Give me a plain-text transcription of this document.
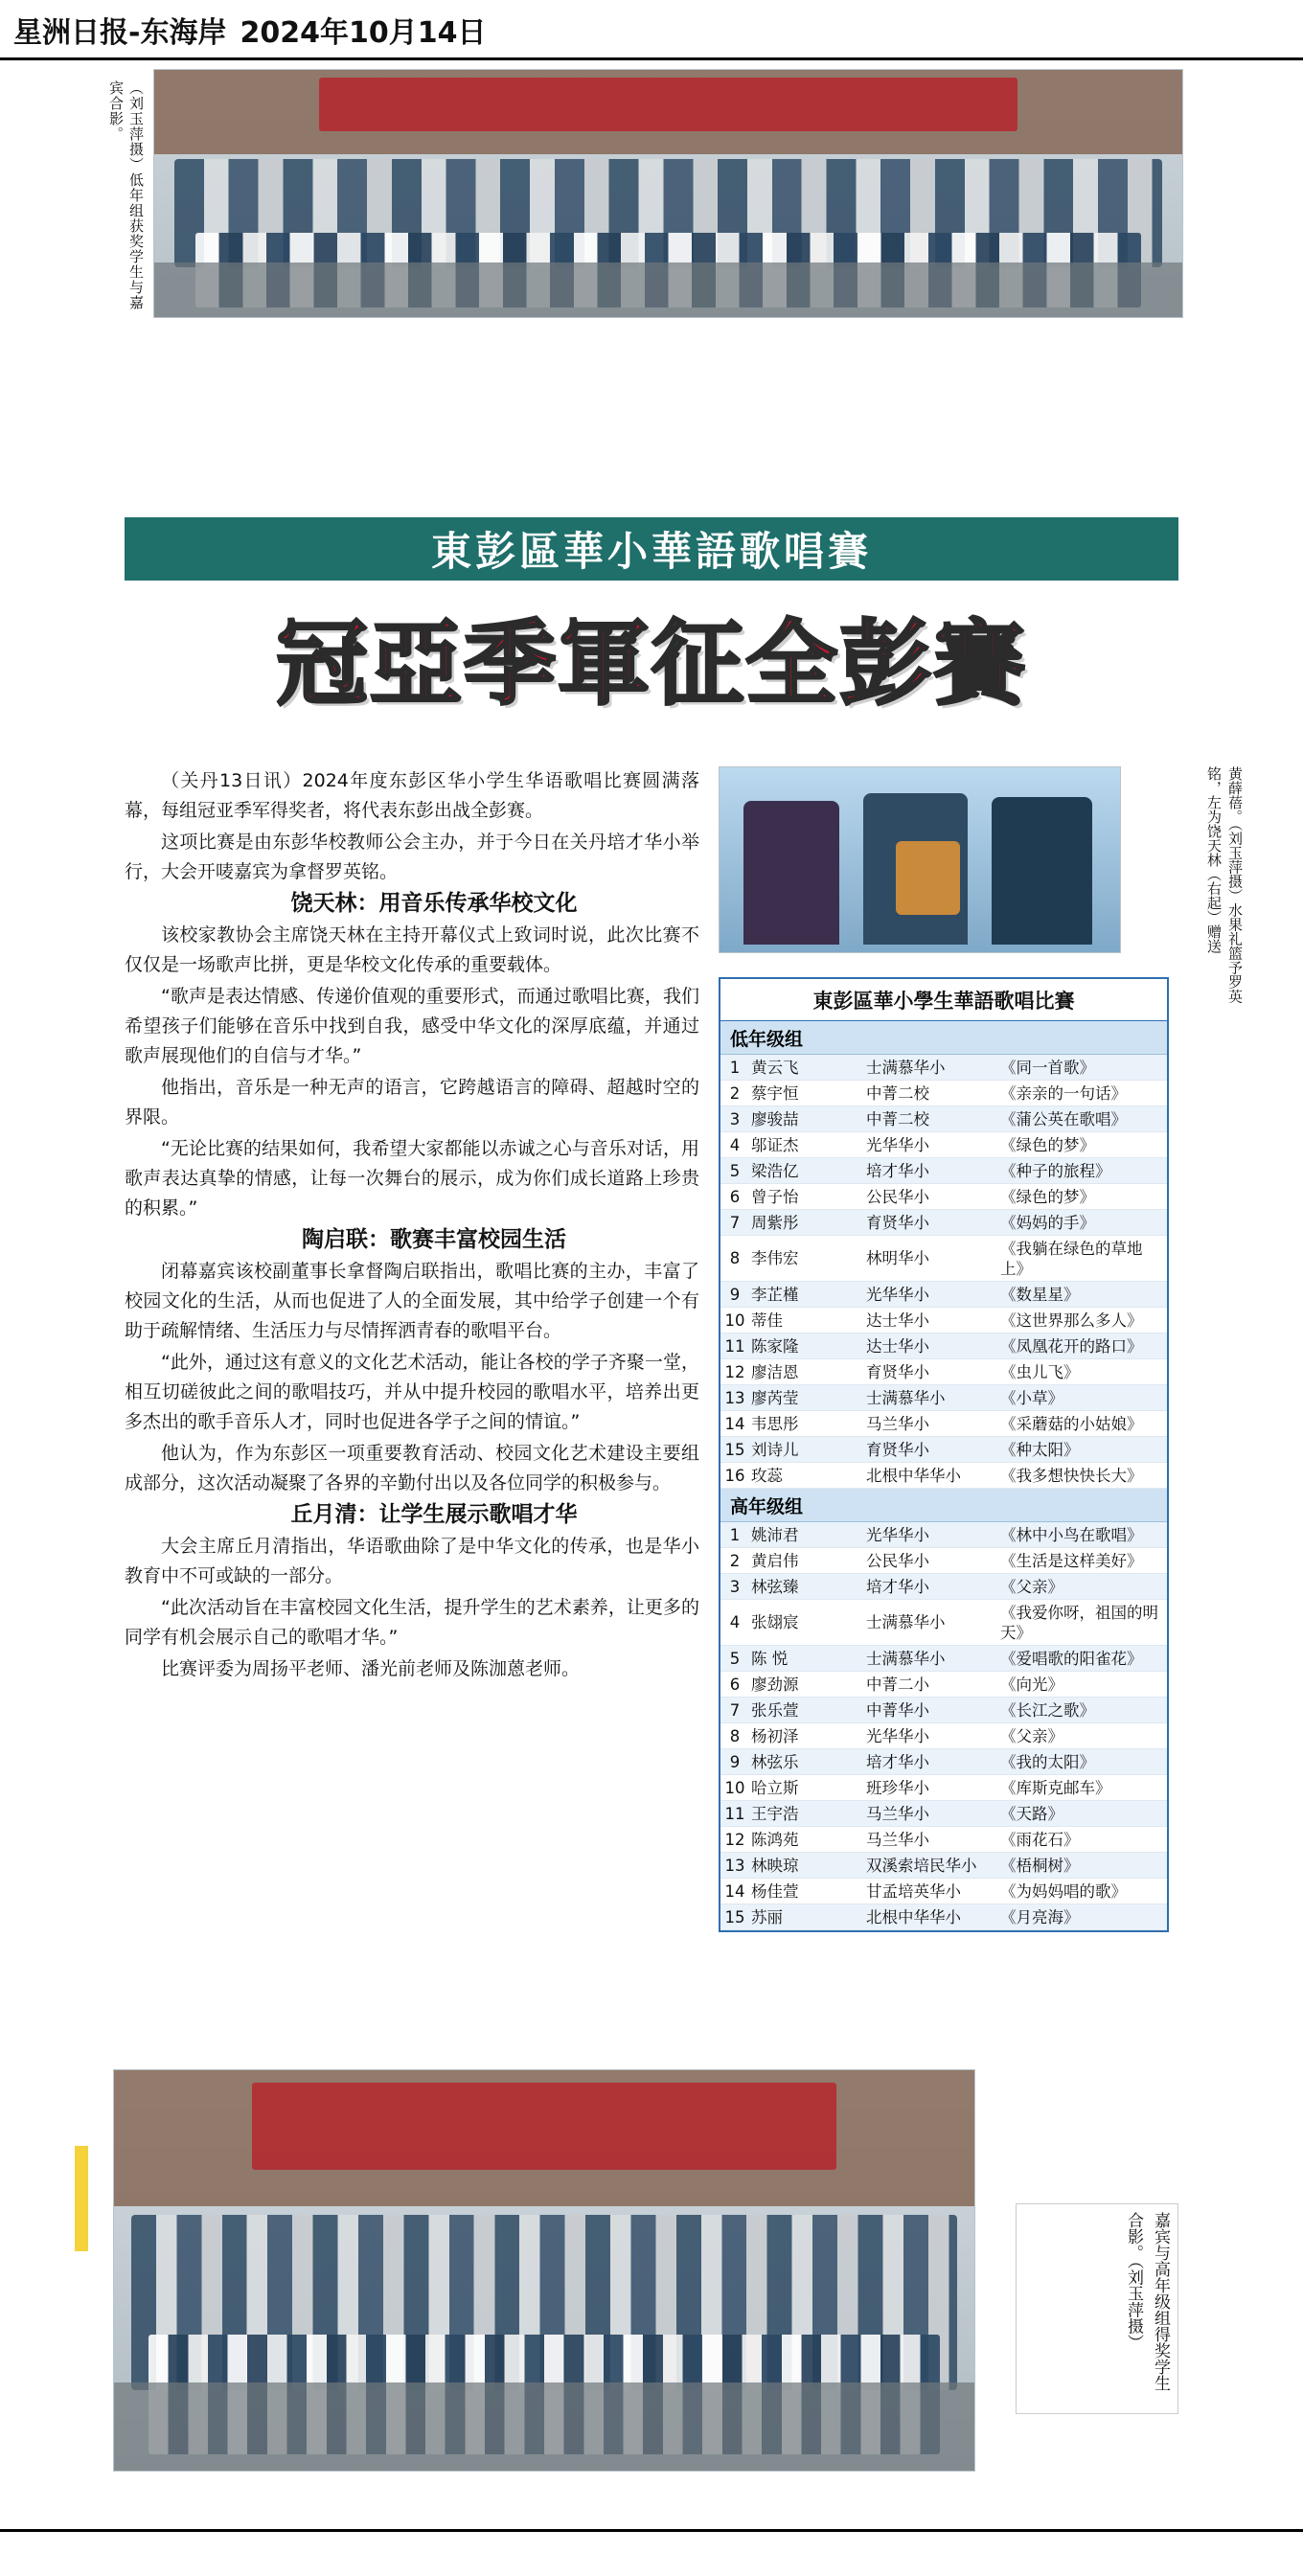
星洲日报-东海岸 2024年10月14日
（刘玉萍摄）低年组获奖学生与嘉宾合影。
東彭區華小華語歌唱賽
冠亞季軍 征 全彭賽

（关丹13日讯）2024年度东彭区华小学生华语歌唱比赛圆满落幕，每组冠亚季军得奖者，将代表东彭出战全彭赛。

这项比赛是由东彭华校教师公会主办，并于今日在关丹培才华小举行，大会开唛嘉宾为拿督罗英铭。

饶天林：用音乐传承华校文化

该校家教协会主席饶天林在主持开幕仪式上致词时说，此次比赛不仅仅是一场歌声比拼，更是华校文化传承的重要载体。

“歌声是表达情感、传递价值观的重要形式，而通过歌唱比赛，我们希望孩子们能够在音乐中找到自我，感受中华文化的深厚底蕴，并通过歌声展现他们的自信与才华。”

他指出，音乐是一种无声的语言，它跨越语言的障碍、超越时空的界限。

“无论比赛的结果如何，我希望大家都能以赤诚之心与音乐对话，用歌声表达真挚的情感，让每一次舞台的展示，成为你们成长道路上珍贵的积累。”

陶启联：歌赛丰富校园生活

闭幕嘉宾该校副董事长拿督陶启联指出，歌唱比赛的主办，丰富了校园文化的生活，从而也促进了人的全面发展，其中给学子创建一个有助于疏解情绪、生活压力与尽情挥洒青春的歌唱平台。

“此外，通过这有意义的文化艺术活动，能让各校的学子齐聚一堂，相互切磋彼此之间的歌唱技巧，并从中提升校园的歌唱水平，培养出更多杰出的歌手音乐人才，同时也促进各学子之间的情谊。”

他认为，作为东彭区一项重要教育活动、校园文化艺术建设主要组成部分，这次活动凝聚了各界的辛勤付出以及各位同学的积极参与。

丘月清：让学生展示歌唱才华

大会主席丘月清指出，华语歌曲除了是中华文化的传承，也是华小教育中不可或缺的一部分。

“此次活动旨在丰富校园文化生活，提升学生的艺术素养，让更多的同学有机会展示自己的歌唱才华。”

比赛评委为周扬平老师、潘光前老师及陈泇蒽老师。

黄薛蓓。（刘玉萍摄）水果礼篮予罗英铭，左为饶天林（右起）赠送
東彭區華小學生華語歌唱比賽
低年级组
1	黄云飞	士满慕华小	《同一首歌》
2	蔡宇恒	中菁二校	《亲亲的一句话》
3	廖骏喆	中菁二校	《蒲公英在歌唱》
4	邬证杰	光华华小	《绿色的梦》
5	梁浩亿	培才华小	《种子的旅程》
6	曾子怡	公民华小	《绿色的梦》
7	周紫彤	育贤华小	《妈妈的手》
8	李伟宏	林明华小	《我躺在绿色的草地上》
9	李芷槿	光华华小	《数星星》
10	蒂佳	达士华小	《这世界那么多人》
11	陈家隆	达士华小	《凤凰花开的路口》
12	廖洁恩	育贤华小	《虫儿飞》
13	廖芮莹	士满慕华小	《小草》
14	韦思彤	马兰华小	《采蘑菇的小姑娘》
15	刘诗儿	育贤华小	《种太阳》
16	玫蕊	北根中华华小	《我多想快快长大》
高年级组
1	姚沛君	光华华小	《林中小鸟在歌唱》
2	黄启伟	公民华小	《生活是这样美好》
3	林弦臻	培才华小	《父亲》
4	张翃宸	士满慕华小	《我爱你呀，祖国的明天》
5	陈 悦	士满慕华小	《爱唱歌的阳雀花》
6	廖劲源	中菁二小	《向光》
7	张乐萱	中菁华小	《长江之歌》
8	杨初泽	光华华小	《父亲》
9	林弦乐	培才华小	《我的太阳》
10	哈立斯	班珍华小	《库斯克邮车》
11	王宇浩	马兰华小	《天路》
12	陈鸿苑	马兰华小	《雨花石》
13	林映琼	双溪索培民华小	《梧桐树》
14	杨佳萱	甘孟培英华小	《为妈妈唱的歌》
15	苏丽	北根中华华小	《月亮海》
嘉宾与高年级组得奖学生合影。（刘玉萍摄）
